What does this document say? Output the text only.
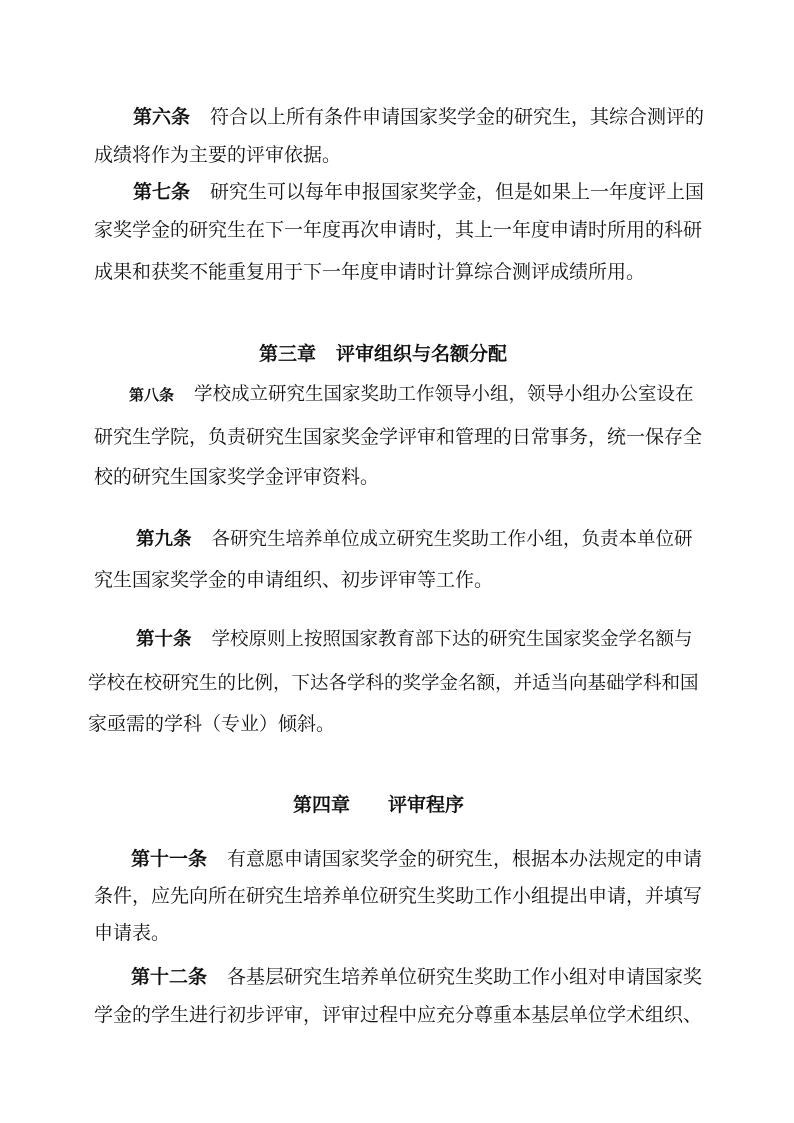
第六条 符合以上所有条件申请国家奖学金的研究生，其综合测评的

成绩将作为主要的评审依据。

第七条 研究生可以每年申报国家奖学金，但是如果上一年度评上国

家奖学金的研究生在下一年度再次申请时，其上一年度申请时所用的科研

成果和获奖不能重复用于下一年度申请时计算综合测评成绩所用。

第三章 评审组织与名额分配

第八条 学校成立研究生国家奖助工作领导小组，领导小组办公室设在

研究生学院，负责研究生国家奖金学评审和管理的日常事务，统一保存全

校的研究生国家奖学金评审资料。

第九条 各研究生培养单位成立研究生奖助工作小组，负责本单位研

究生国家奖学金的申请组织、初步评审等工作。

第十条 学校原则上按照国家教育部下达的研究生国家奖金学名额与

学校在校研究生的比例，下达各学科的奖学金名额，并适当向基础学科和国

家亟需的学科（专业）倾斜。

第四章 评审程序

第十一条 有意愿申请国家奖学金的研究生，根据本办法规定的申请

条件，应先向所在研究生培养单位研究生奖助工作小组提出申请，并填写

申请表。

第十二条 各基层研究生培养单位研究生奖助工作小组对申请国家奖

学金的学生进行初步评审，评审过程中应充分尊重本基层单位学术组织、
